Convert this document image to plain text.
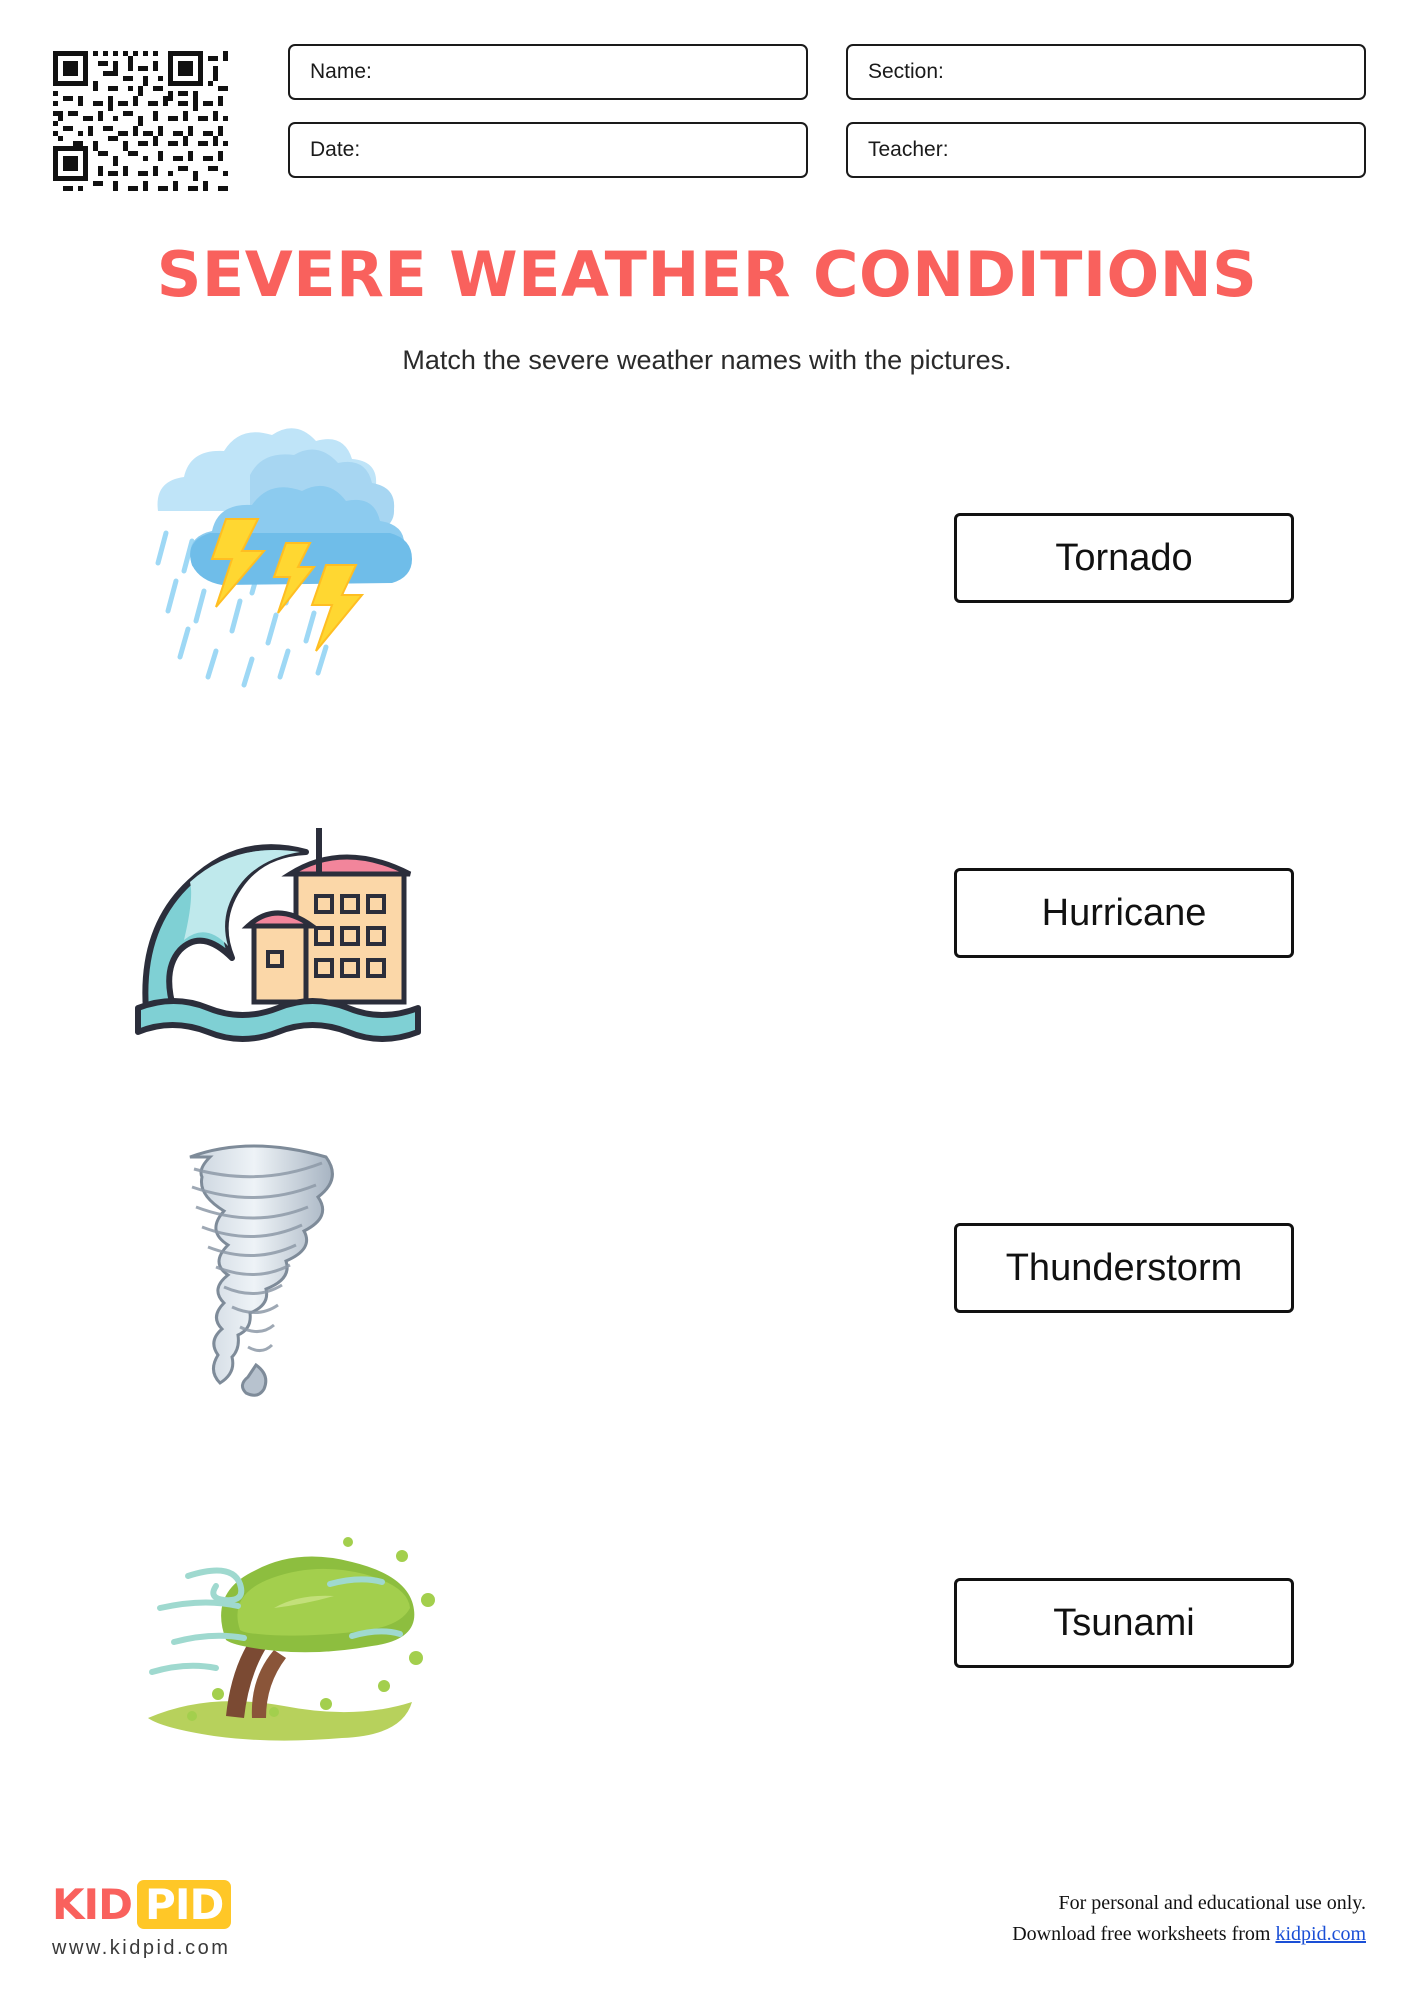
Name:	Section:
Date:	Teacher:
SEVERE WEATHER CONDITIONS
Match the severe weather names with the pictures.
Tornado
Hurricane
Thunderstorm
Tsunami
KID PID
www.kidpid.com
For personal and educational use only.
Download free worksheets from kidpid.com
